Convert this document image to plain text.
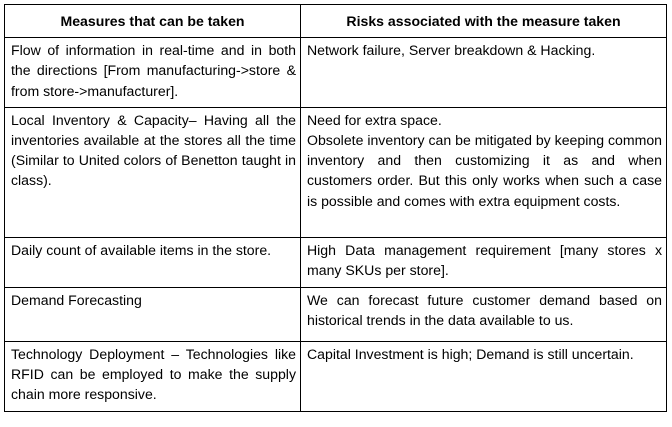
Measures that can be taken	Risks associated with the measure taken
Flow of information in real-time and in both the directions [From manufacturing->store & from store->manufacturer].	Network failure, Server breakdown & Hacking.

Local Inventory & Capacity– Having all the inventories available at the stores all the time (Similar to United colors of Benetton taught in class).	Need for extra space.
Obsolete inventory can be mitigated by keeping common inventory and then customizing it as and when customers order. But this only works when such a case is possible and comes with extra equipment costs.

Daily count of available items in the store.	High Data management requirement [many stores x many SKUs per store].

Demand Forecasting	We can forecast future customer demand based on historical trends in the data available to us.

Technology Deployment – Technologies like RFID can be employed to make the supply chain more responsive.	Capital Investment is high; Demand is still uncertain.
